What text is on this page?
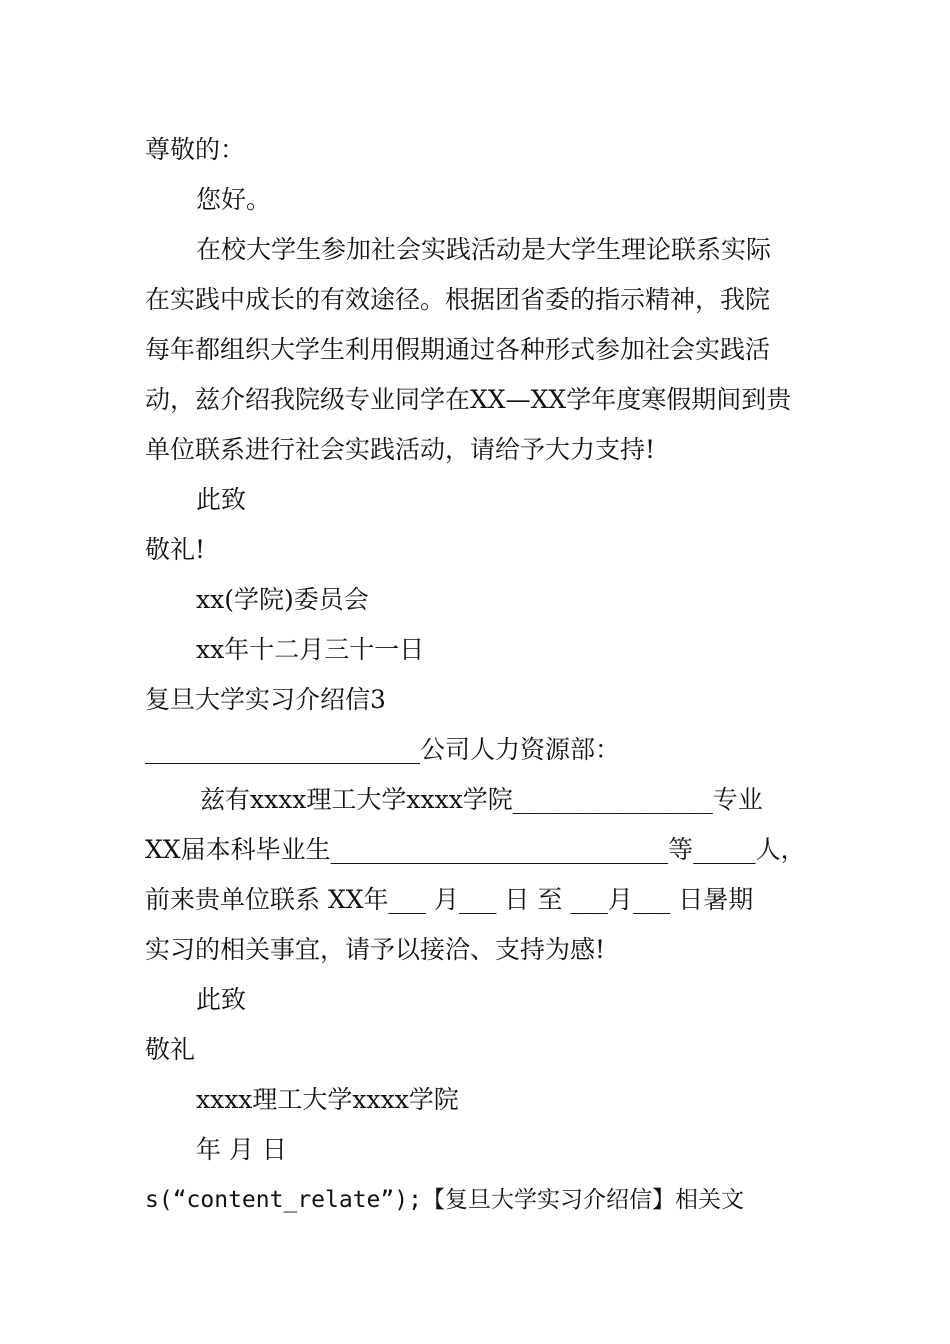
尊敬的：
您好。
在校大学生参加社会实践活动是大学生理论联系实际
在实践中成长的有效途径。根据团省委的指示精神，我院
每年都组织大学生利用假期通过各种形式参加社会实践活
动，兹介绍我院级专业同学在XX—XX学年度寒假期间到贵
单位联系进行社会实践活动，请给予大力支持!
此致
敬礼!
xx(学院)委员会
xx年十二月三十一日
复旦大学实习介绍信3
______________________公司人力资源部：
兹有xxxx理工大学xxxx学院________________专业
XX届本科毕业生___________________________等_____人，
前来贵单位联系 XX年___ 月___ 日 至 ___月___ 日暑期
实习的相关事宜，请予以接洽、支持为感!
此致
敬礼
xxxx理工大学xxxx学院
年 月 日
s(“content_relate”);【复旦大学实习介绍信】相关文
